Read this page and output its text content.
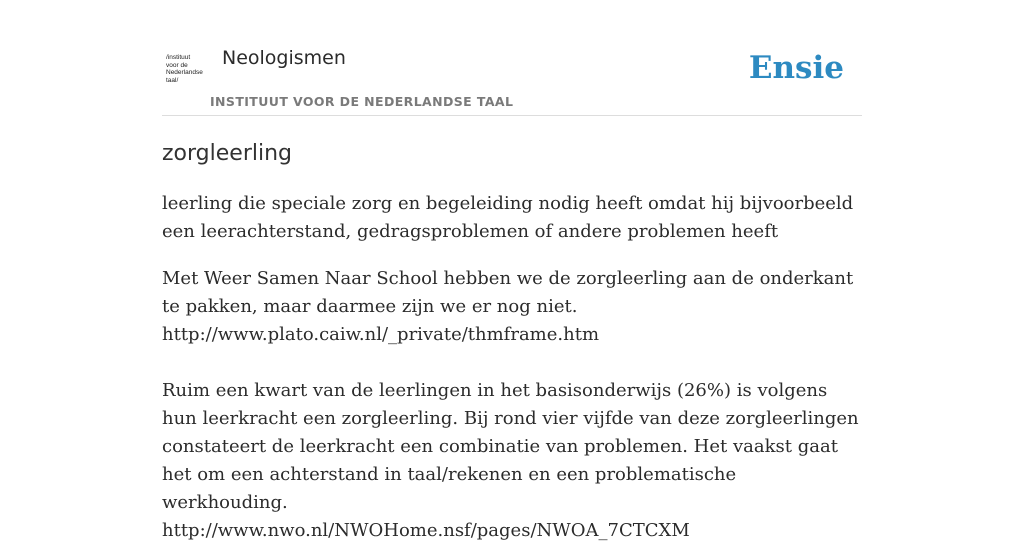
/instituut
voor de
Nederlandse
taal/
Neologismen
INSTITUUT VOOR DE NEDERLANDSE TAAL
Ensie
zorgleerling

leerling die speciale zorg en begeleiding nodig heeft omdat hij bijvoorbeeld een leerachterstand, gedragsproblemen of andere problemen heeft

Met Weer Samen Naar School hebben we de zorgleerling aan de onderkant te pakken, maar daarmee zijn we er nog niet.
http://www.plato.caiw.nl/_private/thmframe.htm

Ruim een kwart van de leerlingen in het basisonderwijs (26%) is volgens hun leerkracht een zorgleerling. Bij rond vier vijfde van deze zorgleerlingen constateert de leerkracht een combinatie van problemen. Het vaakst gaat het om een achterstand in taal/rekenen en een problematische werkhouding.
http://www.nwo.nl/NWOHome.nsf/pages/NWOA_7CTCXM
